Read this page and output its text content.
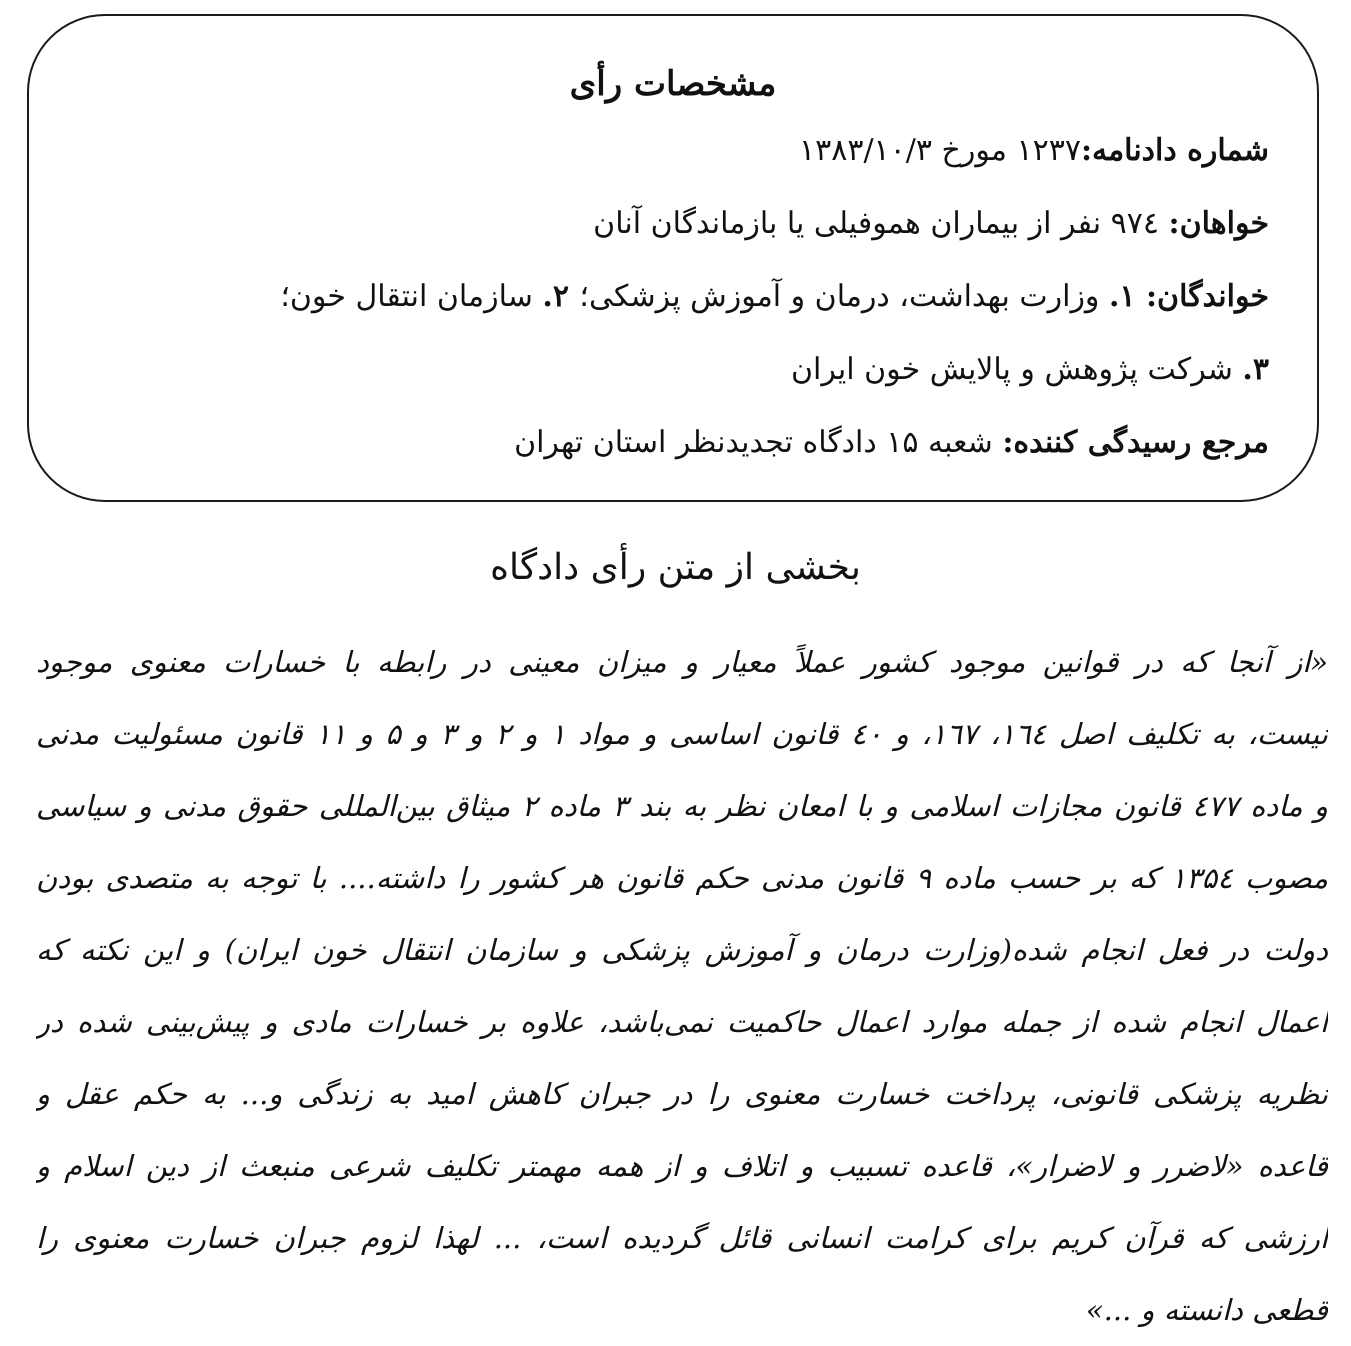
مشخصات رأی
شماره دادنامه:۱۲۳۷ مورخ ۱۳۸۳/۱۰/۳
خواهان: ۹۷٤ نفر از بیماران هموفیلی یا بازماندگان آنان
خواندگان: ۱. وزارت بهداشت، درمان و آموزش پزشکی؛ ۲. سازمان انتقال خون؛
۳. شرکت پژوهش و پالایش خون ایران
مرجع رسیدگی کننده: شعبه ۱۵ دادگاه تجدیدنظر استان تهران
بخشی از متن رأی دادگاه
«از آنجا که در قوانین موجود کشور عملاً معیار و میزان معینی در رابطه با خسارات معنوی موجود
نیست، به تکلیف اصل ۱٦٤، ۱٦۷، و ٤۰ قانون اساسی و مواد ۱ و ۲ و ۳ و ۵ و ۱۱ قانون مسئولیت مدنی
و ماده ٤۷۷ قانون مجازات اسلامی و با امعان نظر به بند ۳ ماده ۲ میثاق بین‌المللی حقوق مدنی و سیاسی
مصوب ۱۳۵٤ که بر حسب ماده ۹ قانون مدنی حکم قانون هر کشور را داشته.... با توجه به متصدی بودن
دولت در فعل انجام شده(وزارت درمان و آموزش پزشکی و سازمان انتقال خون ایران) و این نکته که
اعمال انجام شده از جمله موارد اعمال حاکمیت نمی‌باشد، علاوه بر خسارات مادی و پیش‌بینی شده در
نظریه پزشکی قانونی، پرداخت خسارت معنوی را در جبران کاهش امید به زندگی و... به حکم عقل و
قاعده «لاضرر و لاضرار»، قاعده تسبیب و اتلاف و از همه مهمتر تکلیف شرعی منبعث از دین اسلام و
ارزشی که قرآن کریم برای کرامت انسانی قائل گردیده است، ... لهذا لزوم جبران خسارت معنوی را
قطعی دانسته و ...»
